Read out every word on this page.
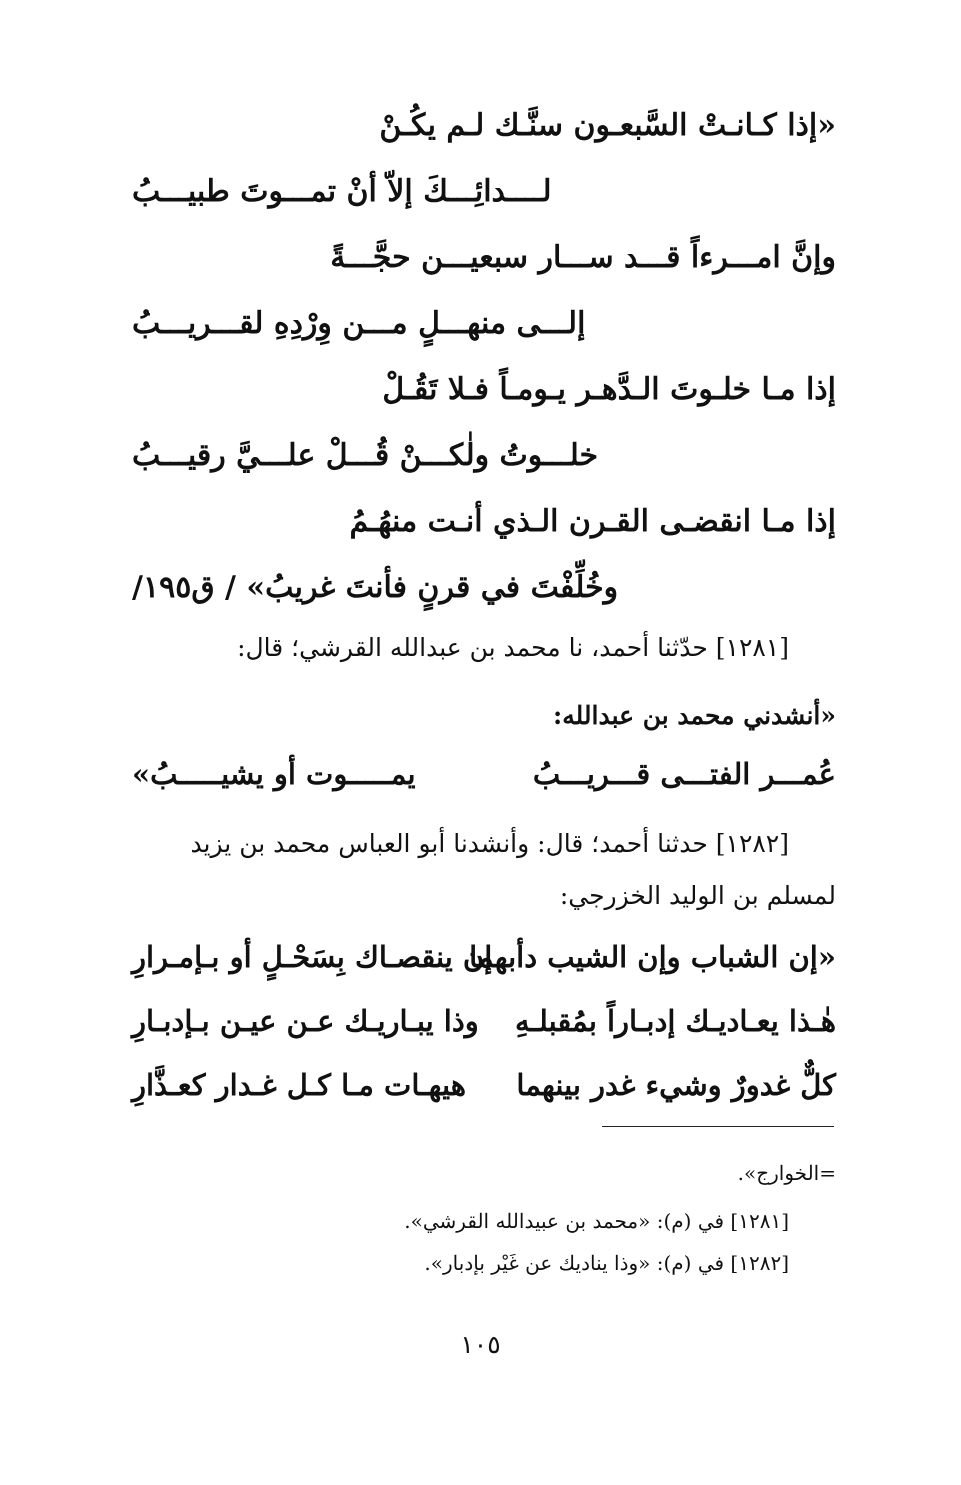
«إذا كـانـتْ السَّبعـون سنَّـك لـم يكُـنْ
لــــدائِـــكَ إلاّ أنْ تمـــوتَ طبيـــبُ
وإنَّ امـــرءاً قـــد ســـار سبعيـــن حجَّـــةً
إلـــى منهـــلٍ مـــن وِرْدِهِ لقـــريـــبُ
إذا مـا خلـوتَ الـدَّهـر يـومـاً فـلا تَقُـلْ
خلـــوتُ ولٰكـــنْ قُـــلْ علـــيَّ رقيـــبُ
إذا مـا انقضـى القـرن الـذي أنـت منهُـمُ
وخُلِّفْتَ في قرنٍ فأنتَ غريبُ» / ق١٩٥/
[١٢٨١] حدّثنا أحمد، نا محمد بن عبدالله القرشي؛ قال:
«أنشدني محمد بن عبدالله:
عُمـــر الفتـــى قـــريـــبُ
يمـــــوت أو يشيـــــبُ»
[١٢٨٢] حدثنا أحمد؛ قال: وأنشدنا أبو العباس محمد بن يزيد
لمسلم بن الوليد الخزرجي:
«إن الشباب وإن الشيب دأبهما
إن ينقصـاك بِسَحْـلٍ أو بـإمـرارِ
هٰـذا يعـاديـك إدبـاراً بمُقبلـهِ
وذا يبـاريـك عـن عيـن بـإدبـارِ
كلٌّ غدورٌ وشيء غدر بينهما
هيهـات مـا كـل غـدار كعـذَّارِ
=الخوارج».
[١٢٨١] في (م): «محمد بن عبيدالله القرشي».
[١٢٨٢] في (م): «وذا يناديك عن غَيْر بإدبار».
١٠٥
